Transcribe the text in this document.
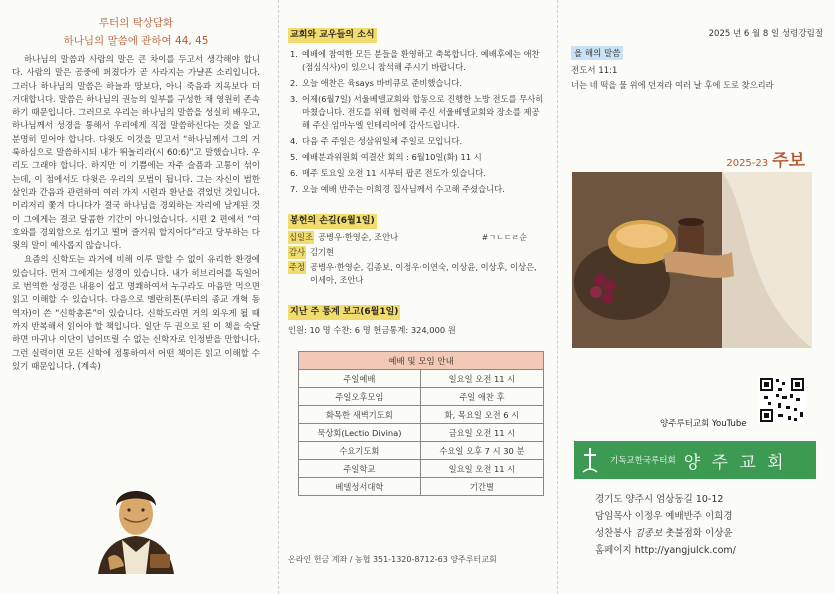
루터의 탁상담화
하나님의 말씀에 관하여 44, 45

하나님의 말씀과 사람의 말은 큰 차이를 두고서 생각해야 합니다. 사람의 말은 공중에 퍼졌다가 곧 사라지는 가냘픈 소리입니다. 그러나 하나님의 말씀은 하늘과 땅보다, 아니 죽음과 지옥보다 더 거대합니다. 말씀은 하나님의 권능의 일부를 구성한 채 영원히 존속하기 때문입니다. 그러므로 우리는 하나님의 말씀을 성실히 배우고, 하나님께서 성경을 통해서 우리에게 직접 말씀하신다는 것을 알고 분명히 믿어야 합니다. 다윗도 이것을 믿고서 “하나님께서 그의 거룩하심으로 말씀하시되 내가 뛰놀리라(시 60:6)”고 말했습니다. 우리도 그래야 합니다. 하지만 이 기쁨에는 자주 슬픔과 고통이 섞이는데, 이 점에서도 다윗은 우리의 모범이 됩니다. 그는 자신이 범한 살인과 간음과 관련하여 여러 가지 시련과 환난을 겪었던 것입니다. 이리저리 쫓겨 다니다가 결국 하나님을 경외하는 자리에 남게된 것이 그에게는 결코 달콤한 기간이 아니었습니다. 시편 2 편에서 “여호와를 경외함으로 섬기고 떨며 즐거워 할지어다”라고 당부하는 다윗의 말이 예사롭지 않습니다.

요즘의 신학도는 과거에 비해 이루 말할 수 없이 유리한 환경에 있습니다. 먼저 그에게는 성경이 있습니다. 내가 히브리어를 독일어로 번역한 성경은 내용이 쉽고 명쾌하여서 누구라도 마음만 먹으면 읽고 이해할 수 있습니다. 다음으로 멜란히톤(루터의 종교 개혁 동역자)이 쓴 “신학총론”이 있습니다. 신학도라면 거의 외우게 될 때까지 반복해서 읽어야 할 책입니다. 일단 두 권으로 된 이 책을 숙달하면 마귀나 이단이 넘어뜨릴 수 없는 신학자로 인정받을 만합니다. 그런 실력이면 모든 신학에 정통하여서 어떤 책이든 읽고 이해할 수 있기 때문입니다. (계속)

교회와 교우들의 소식
1. 예배에 참여한 모든 분들을 환영하고 축복합니다. 예배후에는 애찬(점심식사)이 있으니 참석해 주시기 바랍니다.
2. 오늘 애찬은 육says 바비큐로 준비했습니다.
3. 어제(6월7일) 서울베델교회와 합동으로 진행한 노방 전도를 무사히 마쳤습니다. 전도를 위해 협력해 주신 서울베델교회와 장소를 제공해 주신 임마누엘 인테리어에 감사드립니다.
4. 다음 주 주일은 성삼위일체 주일로 모입니다.
5. 예배분과위원회 여결산 회의 : 6월10일(화) 11 시
6. 매주 토요일 오전 11 시부터 팝콘 전도가 있습니다.
7. 오늘 예배 반주는 이희경 집사님께서 수고해 주셨습니다.
봉헌의 손길(6월1일)
#ㄱㄴㄷㄹ순
십일조 공병우·한영순, 조안나
감사 김기현
주정 공병우·한영순, 김종보, 이정우·이연숙, 이상윤, 이상후, 이상은, 이세아, 조안나
지난 주 통계 보고(6월1일)
인원: 10 명 수찬: 6 명 헌금통계: 324,000 원
예배 및 모임 안내	
주일예배	일요일 오전 11 시
주일오후모임	주일 애찬 후
화목한 새벽기도회	화, 목요일 오전 6 시
묵상회(Lectio Divina)	금요일 오전 11 시
수요기도회	수요일 오후 7 시 30 분
주일학교	일요일 오전 11 시
베델성서대학	기간별
온라인 헌금 계좌 / 농협 351-1320-8712-63 양주루터교회
2025 년 6 월 8 일 성령강림절
올 해의 말씀
전도서 11:1
너는 네 떡을 물 위에 던져라 여러 날 후에 도로 찾으리라
2025-23 주보
양주루터교회 YouTube
기독교한국루터회 양 주 교 회
경기도 양주시 엄상동길 10-12
담임목사 이정우 예배반주 이희경
성찬봉사 김종보 촛불점화 이상윤
홈페이지 http://yangjulck.com/
